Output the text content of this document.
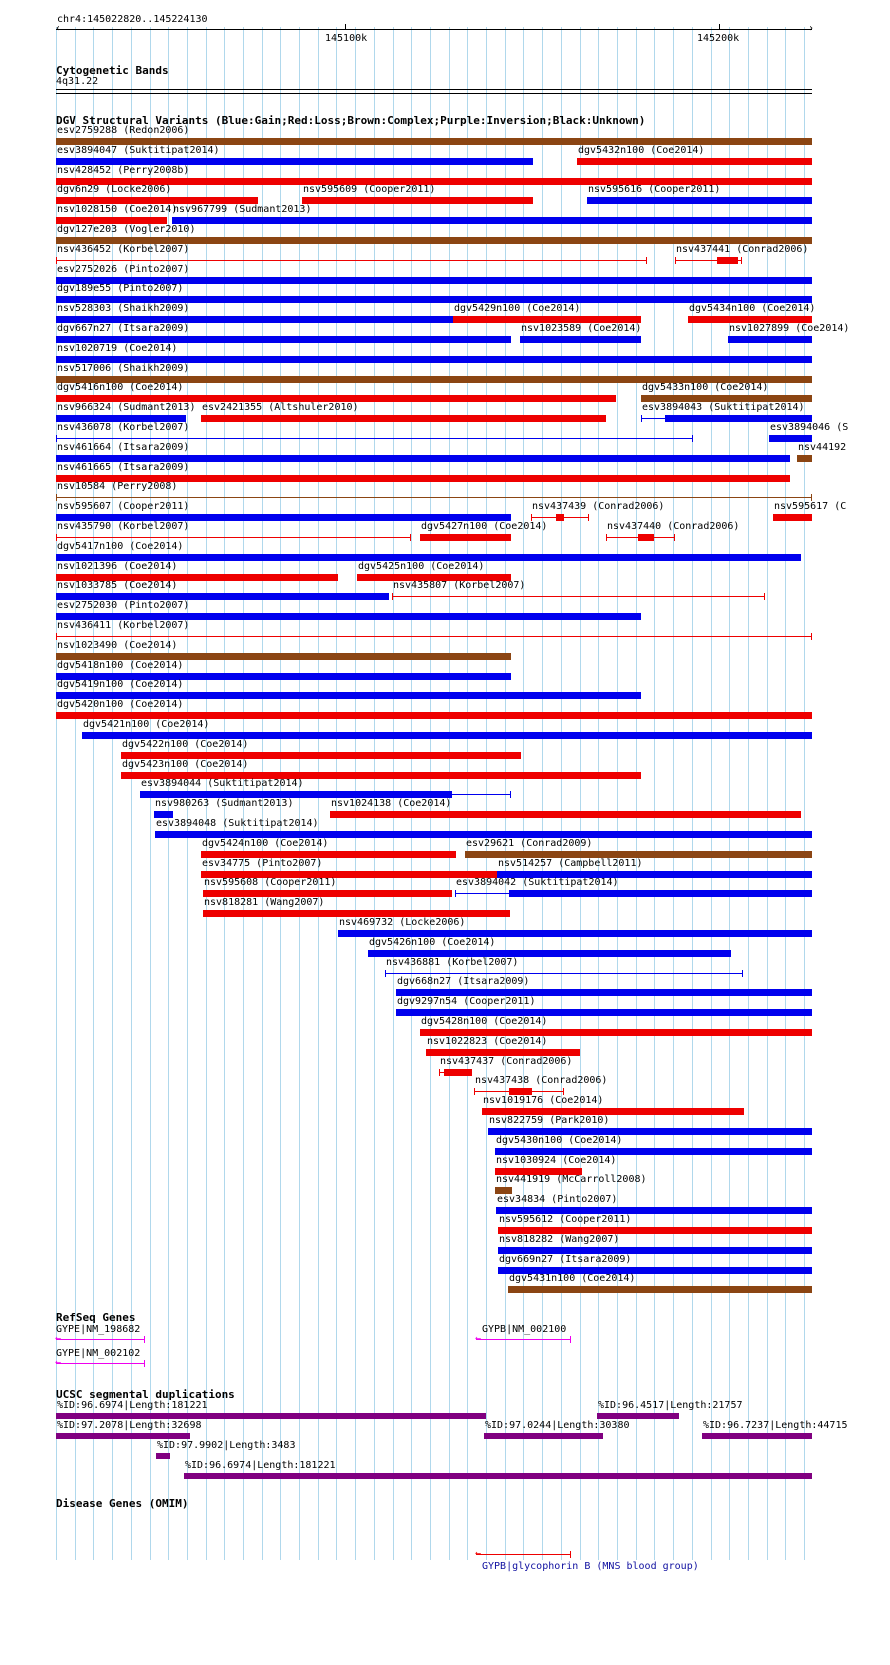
chr4:145022820..145224130
145100k	145200k
‹	›
Cytogenetic Bands
4q31.22
DGV Structural Variants (Blue:Gain;Red:Loss;Brown:Complex;Purple:Inversion;Black:Unknown)
RefSeq Genes
UCSC segmental duplications
Disease Genes (OMIM)
esv2759288 (Redon2006)
esv3894047 (Suktitipat2014)	dgv5432n100 (Coe2014)
nsv428452 (Perry2008b)
dgv6n29 (Locke2006)	nsv595609 (Cooper2011)	nsv595616 (Cooper2011)
nsv1028150 (Coe2014)
nsv967799 (Sudmant2013)
dgv127e203 (Vogler2010)
nsv436452 (Korbel2007)	nsv437441 (Conrad2006)
esv2752026 (Pinto2007)
dgv189e55 (Pinto2007)
nsv528303 (Shaikh2009)	dgv5429n100 (Coe2014)	dgv5434n100 (Coe2014)
dgv667n27 (Itsara2009)	nsv1023589 (Coe2014)	nsv1027899 (Coe2014)
nsv1020719 (Coe2014)
nsv517006 (Shaikh2009)
dgv5416n100 (Coe2014)	dgv5433n100 (Coe2014)
nsv966324 (Sudmant2013) esv2421355 (Altshuler2010)	esv3894043 (Suktitipat2014)
nsv436078 (Korbel2007)	esv3894046 (S
nsv461664 (Itsara2009)	nsv44192
nsv461665 (Itsara2009)
nsv10584 (Perry2008)
nsv595607 (Cooper2011)	nsv437439 (Conrad2006)	nsv595617 (C
nsv435790 (Korbel2007)	dgv5427n100 (Coe2014)	nsv437440 (Conrad2006)
dgv5417n100 (Coe2014)
nsv1021396 (Coe2014)	dgv5425n100 (Coe2014)
nsv1033785 (Coe2014)	nsv435807 (Korbel2007)
esv2752030 (Pinto2007)
nsv436411 (Korbel2007)
nsv1023490 (Coe2014)
dgv5418n100 (Coe2014)
dgv5419n100 (Coe2014)
dgv5420n100 (Coe2014)
dgv5421n100 (Coe2014)
dgv5422n100 (Coe2014)
dgv5423n100 (Coe2014)
esv3894044 (Suktitipat2014)
nsv980263 (Sudmant2013)	nsv1024138 (Coe2014)
esv3894048 (Suktitipat2014)
dgv5424n100 (Coe2014)	esv29621 (Conrad2009)
esv34775 (Pinto2007)	nsv514257 (Campbell2011)
nsv595608 (Cooper2011)	esv3894042 (Suktitipat2014)
nsv818281 (Wang2007)
nsv469732 (Locke2006)
dgv5426n100 (Coe2014)
nsv436881 (Korbel2007)
dgv668n27 (Itsara2009)
dgv9297n54 (Cooper2011)
dgv5428n100 (Coe2014)
nsv1022823 (Coe2014)
nsv437437 (Conrad2006)
nsv437438 (Conrad2006)
nsv1019176 (Coe2014)
nsv822759 (Park2010)
dgv5430n100 (Coe2014)
nsv1030924 (Coe2014)
nsv441919 (McCarroll2008)
esv34834 (Pinto2007)
nsv595612 (Cooper2011)
nsv818282 (Wang2007)
dgv669n27 (Itsara2009)
dgv5431n100 (Coe2014)
GYPE|NM_198682
←
GYPE|NM_002102
←
GYPB|NM_002100
←
%ID:96.6974|Length:181221	%ID:96.4517|Length:21757
%ID:97.2078|Length:32698	%ID:97.0244|Length:30380	%ID:96.7237|Length:44715
%ID:97.9902|Length:3483
%ID:96.6974|Length:181221
←
GYPB|glycophorin B (MNS blood group)
